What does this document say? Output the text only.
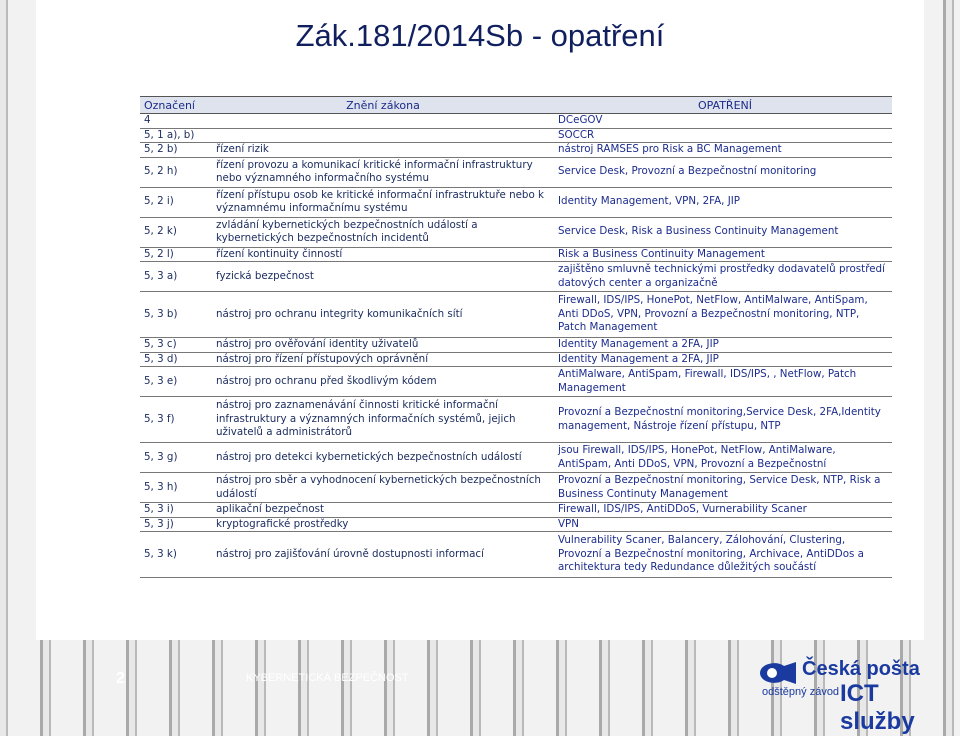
Zák.181/2014Sb - opatření
Označení	Znění zákona	OPATŘENÍ
4		DCeGOV
5, 1 a), b)		SOCCR
5, 2 b)	řízení rizik	nástroj RAMSES pro Risk a BC Management
5, 2 h)	řízení provozu a komunikací kritické informační infrastruktury nebo významného informačního systému	Service Desk, Provozní a Bezpečnostní monitoring
5, 2 i)	řízení přístupu osob ke kritické informační infrastruktuře nebo k významnému informačnímu systému	Identity Management, VPN, 2FA, JIP
5, 2 k)	zvládání kybernetických bezpečnostních událostí a kybernetických bezpečnostních incidentů	Service Desk, Risk a Business Continuity Management
5, 2 l)	řízení kontinuity činností	Risk a Business Continuity Management
5, 3 a)	fyzická bezpečnost	zajištěno smluvně technickými prostředky dodavatelů prostředí datových center a organizačně
5, 3 b)	nástroj pro ochranu integrity komunikačních sítí	Firewall, IDS/IPS, HonePot, NetFlow, AntiMalware, AntiSpam, Anti DDoS, VPN, Provozní a Bezpečnostní monitoring, NTP, Patch Management
5, 3 c)	nástroj pro ověřování identity uživatelů	Identity Management a 2FA, JIP
5, 3 d)	nástroj pro řízení přístupových oprávnění	Identity Management a 2FA, JIP
5, 3 e)	nástroj pro ochranu před škodlivým kódem	AntiMalware, AntiSpam, Firewall, IDS/IPS, , NetFlow, Patch Management
5, 3 f)	nástroj pro zaznamenávání činnosti kritické informační infrastruktury a významných informačních systémů, jejich uživatelů a administrátorů	Provozní a Bezpečnostní monitoring,Service Desk, 2FA,Identity management, Nástroje řízení přístupu, NTP
5, 3 g)	nástroj pro detekci kybernetických bezpečnostních událostí	jsou Firewall, IDS/IPS, HonePot, NetFlow, AntiMalware, AntiSpam, Anti DDoS, VPN, Provozní a Bezpečnostní
5, 3 h)	nástroj pro sběr a vyhodnocení kybernetických bezpečnostních událostí	Provozní a Bezpečnostní monitoring, Service Desk, NTP, Risk a Business Continuty Management
5, 3 i)	aplikační bezpečnost	Firewall, IDS/IPS, AntiDDoS, Vurnerability Scaner
5, 3 j)	kryptografické prostředky	VPN
5, 3 k)	nástroj pro zajišťování úrovně dostupnosti informací	Vulnerability Scaner, Balancery, Zálohování, Clustering, Provozní a Bezpečnostní monitoring, Archivace, AntiDDos a architektura tedy Redundance důležitých součástí
2	KYBERNETICKÁ BEZPEČNOST	Česká pošta
odštěpný závod ICT služby
